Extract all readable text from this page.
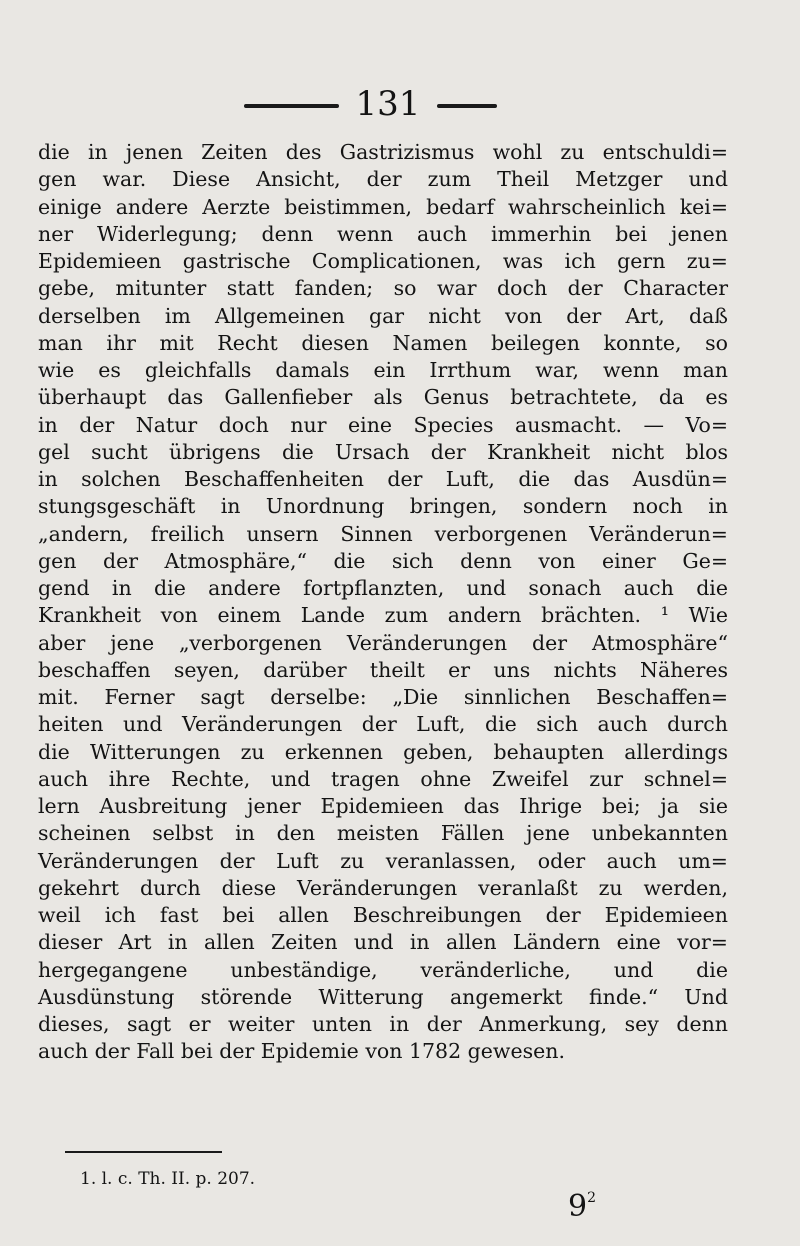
131
die in jenen Zeiten des Gastrizismus wohl zu entschuldi=
gen war. Diese Ansicht, der zum Theil Metzger und
einige andere Aerzte beistimmen, bedarf wahrscheinlich kei=
ner Widerlegung; denn wenn auch immerhin bei jenen
Epidemieen gastrische Complicationen, was ich gern zu=
gebe, mitunter statt fanden; so war doch der Character
derselben im Allgemeinen gar nicht von der Art, daß
man ihr mit Recht diesen Namen beilegen konnte, so
wie es gleichfalls damals ein Irrthum war, wenn man
überhaupt das Gallenfieber als Genus betrachtete, da es
in der Natur doch nur eine Species ausmacht. — Vo=
gel sucht übrigens die Ursach der Krankheit nicht blos
in solchen Beschaffenheiten der Luft, die das Ausdün=
stungsgeschäft in Unordnung bringen, sondern noch in
„andern, freilich unsern Sinnen verborgenen Veränderun=
gen der Atmosphäre,“ die sich denn von einer Ge=
gend in die andere fortpflanzten, und sonach auch die
Krankheit von einem Lande zum andern brächten. ¹ Wie
aber jene „verborgenen Veränderungen der Atmosphäre“
beschaffen seyen, darüber theilt er uns nichts Näheres
mit. Ferner sagt derselbe: „Die sinnlichen Beschaffen=
heiten und Veränderungen der Luft, die sich auch durch
die Witterungen zu erkennen geben, behaupten allerdings
auch ihre Rechte, und tragen ohne Zweifel zur schnel=
lern Ausbreitung jener Epidemieen das Ihrige bei; ja sie
scheinen selbst in den meisten Fällen jene unbekannten
Veränderungen der Luft zu veranlassen, oder auch um=
gekehrt durch diese Veränderungen veranlaßt zu werden,
weil ich fast bei allen Beschreibungen der Epidemieen
dieser Art in allen Zeiten und in allen Ländern eine vor=
hergegangene unbeständige, veränderliche, und die
Ausdünstung störende Witterung angemerkt finde.“ Und
dieses, sagt er weiter unten in der Anmerkung, sey denn
auch der Fall bei der Epidemie von 1782 gewesen.
1. l. c. Th. II. p. 207.
$9^2$
